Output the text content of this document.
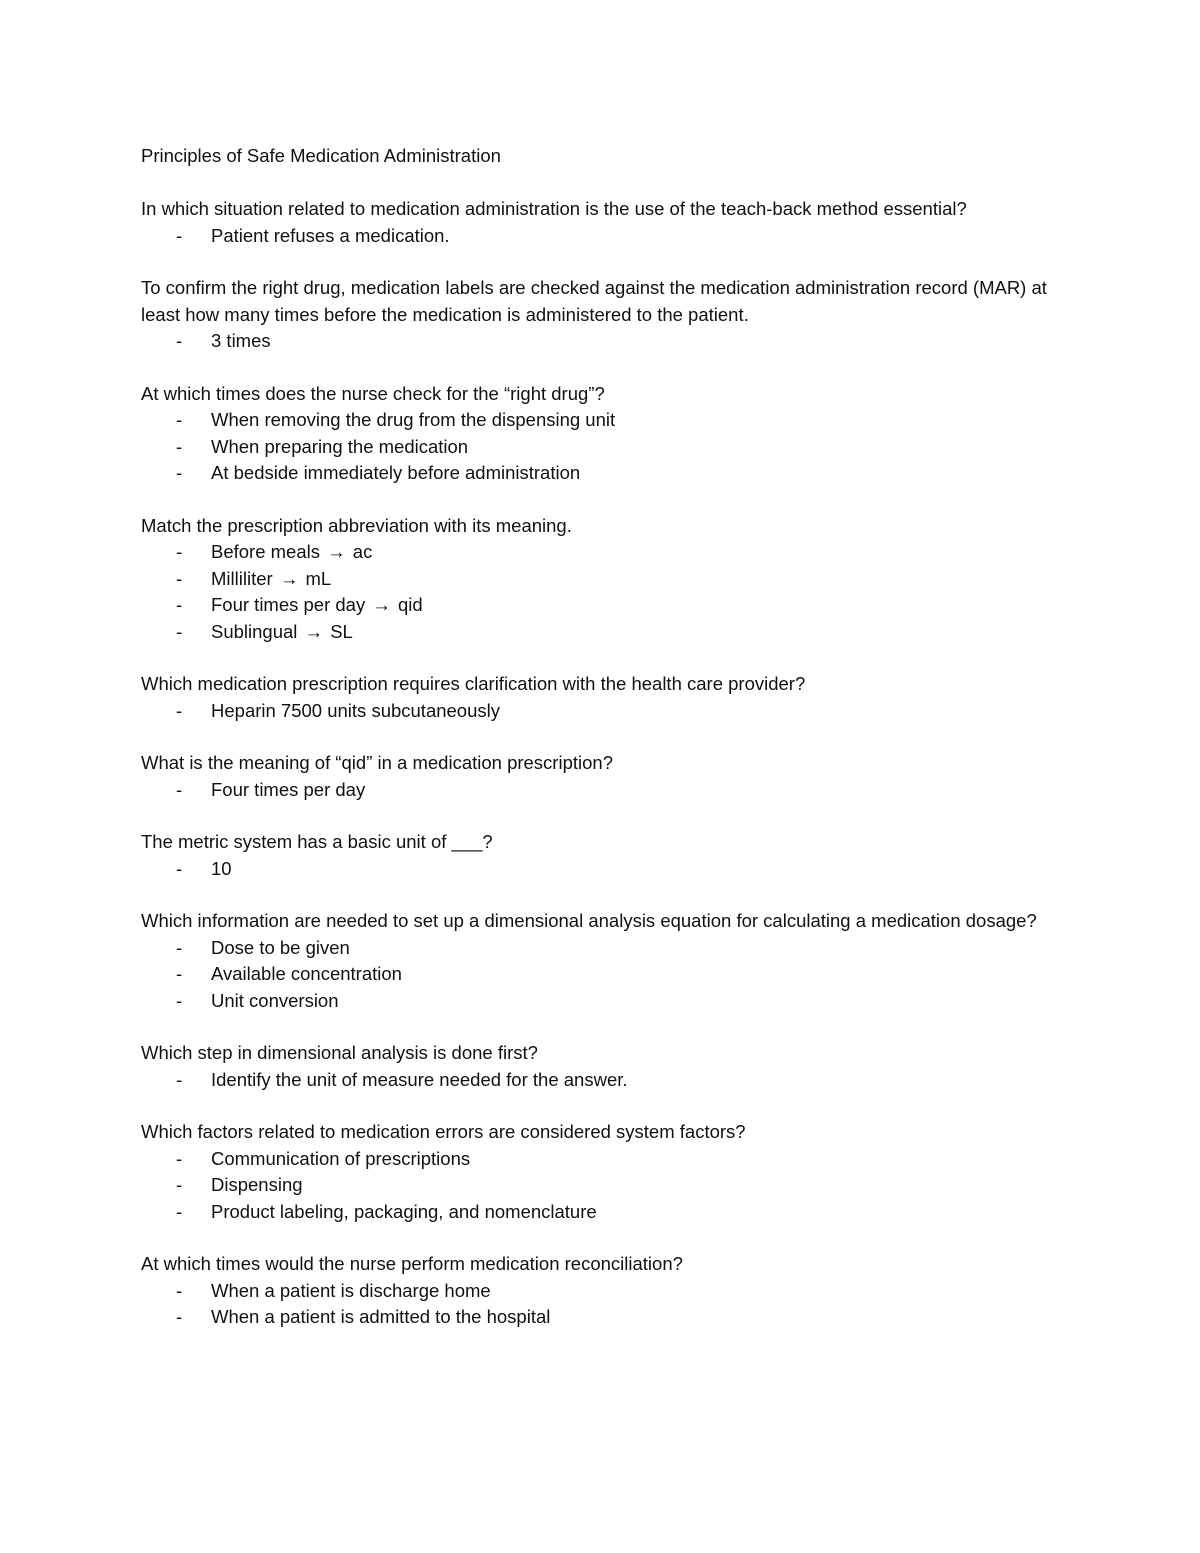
Principles of Safe Medication Administration
In which situation related to medication administration is the use of the teach-back method essential?
- Patient refuses a medication.
To confirm the right drug, medication labels are checked against the medication administration record (MAR) at least how many times before the medication is administered to the patient.
- 3 times
At which times does the nurse check for the “right drug”?
- When removing the drug from the dispensing unit
- When preparing the medication
- At bedside immediately before administration
Match the prescription abbreviation with its meaning.
- Before meals → ac
- Milliliter → mL
- Four times per day → qid
- Sublingual → SL
Which medication prescription requires clarification with the health care provider?
- Heparin 7500 units subcutaneously
What is the meaning of “qid” in a medication prescription?
- Four times per day
The metric system has a basic unit of ___?
- 10
Which information are needed to set up a dimensional analysis equation for calculating a medication dosage?
- Dose to be given
- Available concentration
- Unit conversion
Which step in dimensional analysis is done first?
- Identify the unit of measure needed for the answer.
Which factors related to medication errors are considered system factors?
- Communication of prescriptions
- Dispensing
- Product labeling, packaging, and nomenclature
At which times would the nurse perform medication reconciliation?
- When a patient is discharge home
- When a patient is admitted to the hospital
